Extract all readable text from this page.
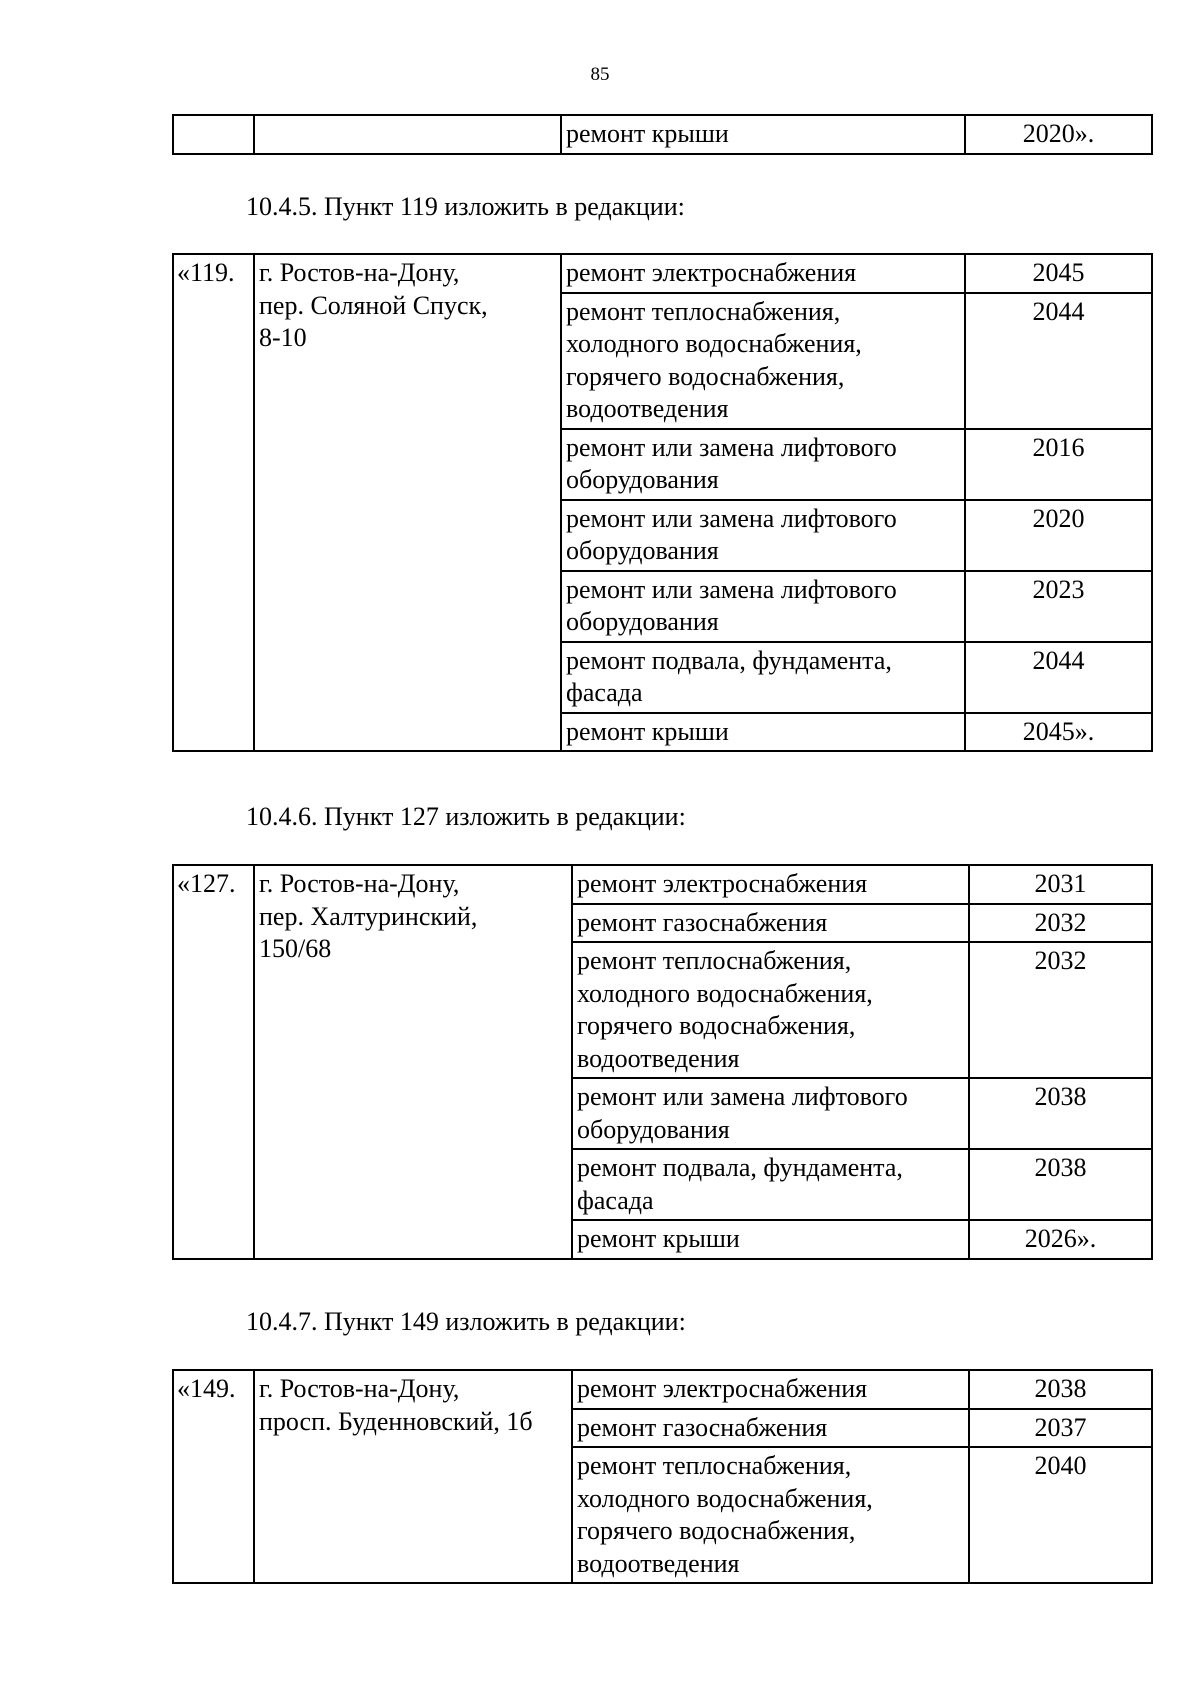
85

ремонт крыши	2020».
10.4.5. Пункт 119 изложить в редакции:
«119.	г. Ростов-на-Дону,
пер. Соляной Спуск,
8-10	ремонт электроснабжения	2045

		ремонт теплоснабжения,
холодного водоснабжения,
горячего водоснабжения,
водоотведения	2044

		ремонт или замена лифтового
оборудования	2016

		ремонт или замена лифтового
оборудования	2020

		ремонт или замена лифтового
оборудования	2023

		ремонт подвала, фундамента,
фасада	2044

		ремонт крыши	2045».
10.4.6. Пункт 127 изложить в редакции:
«127.	г. Ростов-на-Дону,
пер. Халтуринский,
150/68	ремонт электроснабжения	2031

		ремонт газоснабжения	2032

		ремонт теплоснабжения,
холодного водоснабжения,
горячего водоснабжения,
водоотведения	2032

		ремонт или замена лифтового
оборудования	2038

		ремонт подвала, фундамента,
фасада	2038

		ремонт крыши	2026».
10.4.7. Пункт 149 изложить в редакции:
«149.	г. Ростов-на-Дону,
просп. Буденновский, 1б	ремонт электроснабжения	2038

		ремонт газоснабжения	2037

		ремонт теплоснабжения,
холодного водоснабжения,
горячего водоснабжения,
водоотведения	2040
